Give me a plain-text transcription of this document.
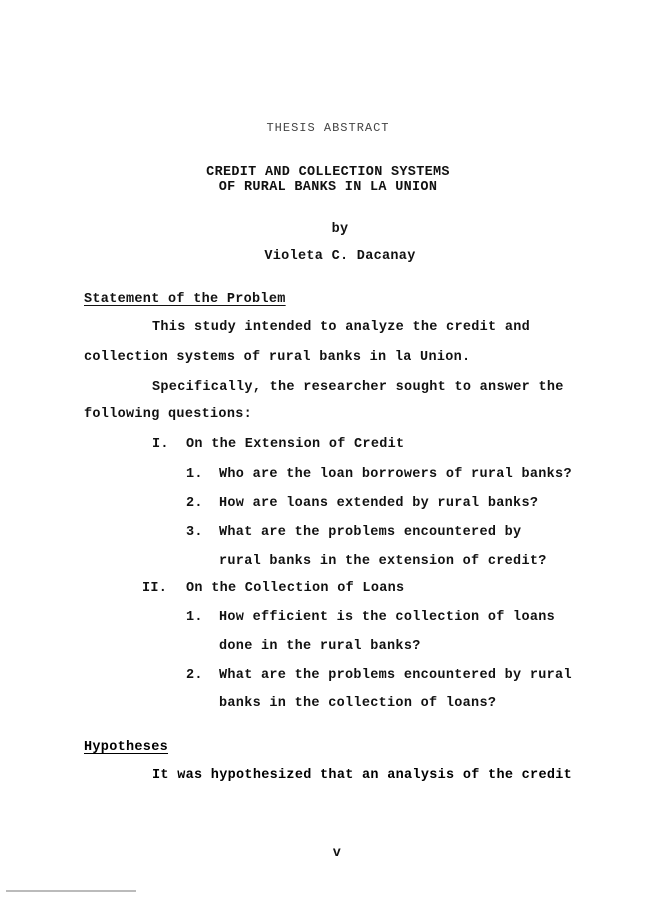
THESIS ABSTRACT
CREDIT AND COLLECTION SYSTEMS
OF RURAL BANKS IN LA UNION
by
Violeta C. Dacanay
Statement of the Problem
This study intended to analyze the credit and
collection systems of rural banks in la Union.
Specifically, the researcher sought to answer the
following questions:
I. On the Extension of Credit
1. Who are the loan borrowers of rural banks?
2. How are loans extended by rural banks?
3. What are the problems encountered by
rural banks in the extension of credit?
II. On the Collection of Loans
1. How efficient is the collection of loans
done in the rural banks?
2. What are the problems encountered by rural
banks in the collection of loans?
Hypotheses
It was hypothesized that an analysis of the credit
v
